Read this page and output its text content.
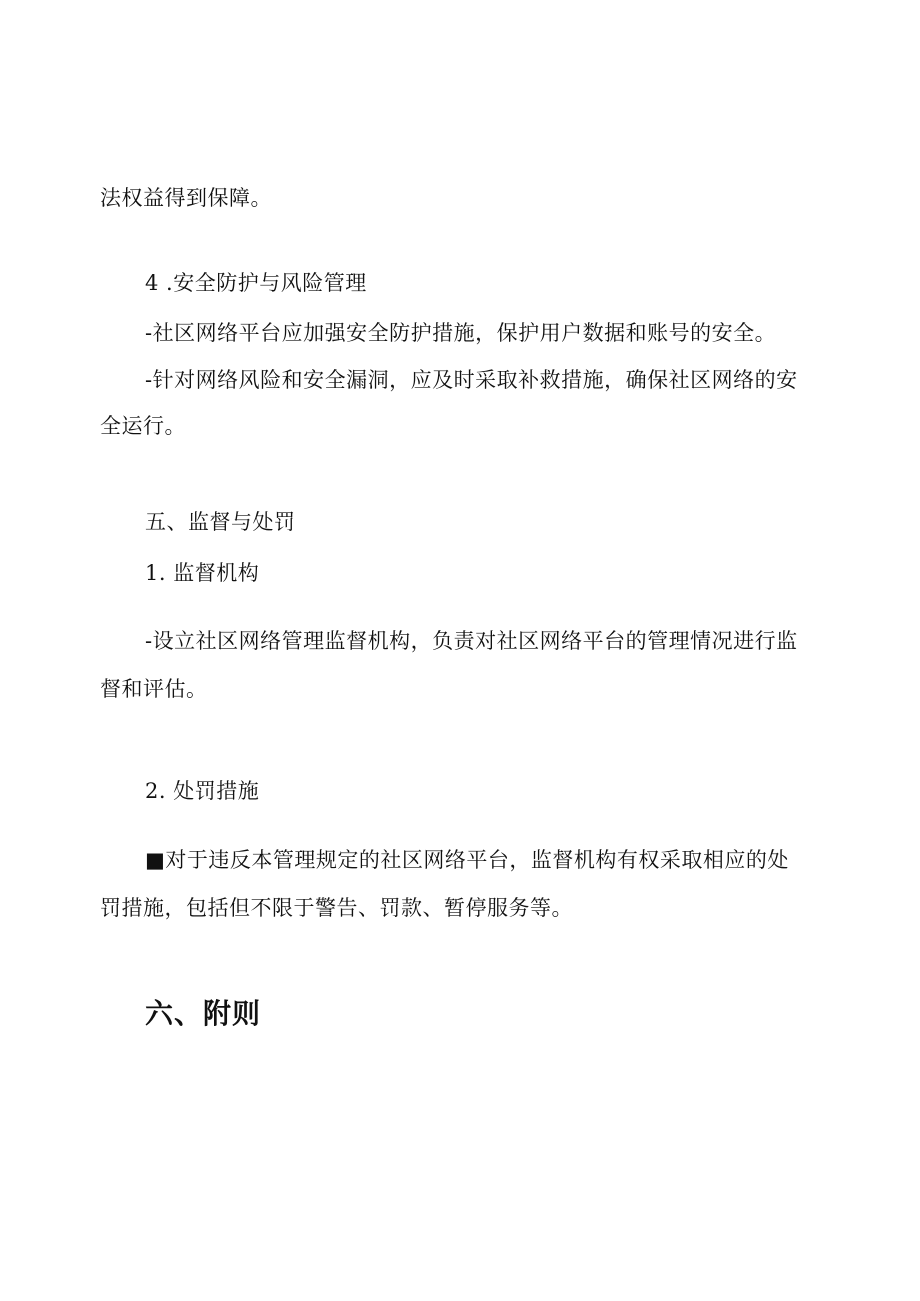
法权益得到保障。
4 .安全防护与风险管理
-社区网络平台应加强安全防护措施，保护用户数据和账号的安全。
-针对网络风险和安全漏洞，应及时采取补救措施，确保社区网络的安
全运行。
五、监督与处罚
1. 监督机构
-设立社区网络管理监督机构，负责对社区网络平台的管理情况进行监
督和评估。
2. 处罚措施
■对于违反本管理规定的社区网络平台，监督机构有权采取相应的处
罚措施，包括但不限于警告、罚款、暂停服务等。
六、附则
